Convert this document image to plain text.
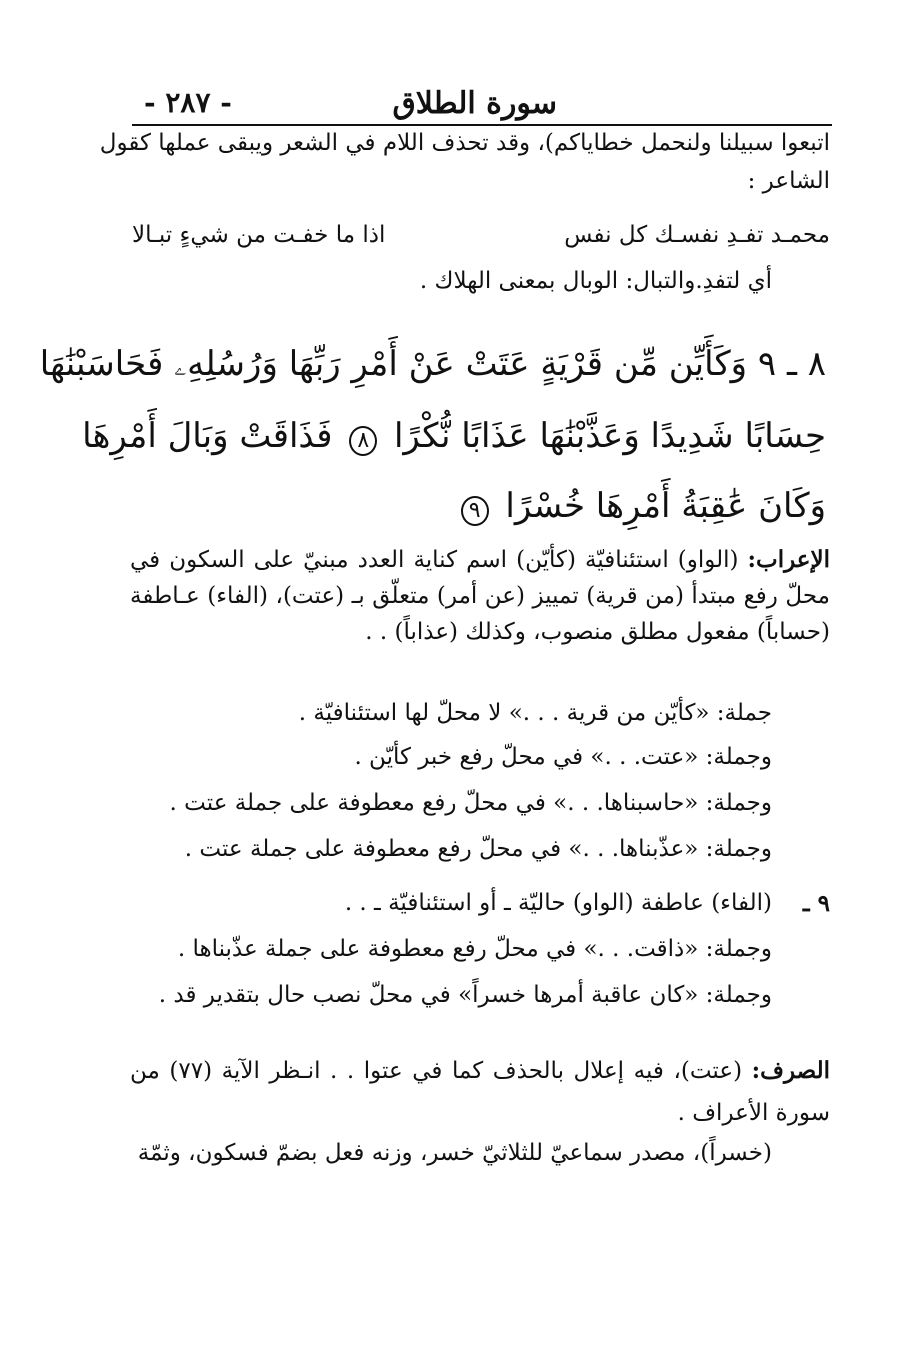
سورة الطلاق
- ٢٨٧ -
اتبعوا سبيلنا ولنحمل خطاياكم)، وقد تحذف اللام في الشعر ويبقى عملها كقول
الشاعر :
محمـد تفـدِ نفسـك كل نفس
اذا ما خفـت من شيءٍ تبـالا
أي لتفدِ.والتبال: الوبال بمعنى الهلاك .
٨ ـ ٩ وَكَأَيِّن مِّن قَرْيَةٍ عَتَتْ عَنْ أَمْرِ رَبِّهَا وَرُسُلِهِۦ فَحَاسَبْنَٰهَا
حِسَابًا شَدِيدًا وَعَذَّبْنَٰهَا عَذَابًا نُّكْرًا ٨ فَذَاقَتْ وَبَالَ أَمْرِهَا
وَكَانَ عَٰقِبَةُ أَمْرِهَا خُسْرًا ٩
الإعراب: (الواو) استئنافيّة (كأيّن) اسم كناية العدد مبنيّ على السكون في محلّ رفع مبتدأ (من قرية) تمييز (عن أمر) متعلّق بـ (عتت)، (الفاء) عـاطفة (حساباً) مفعول مطلق منصوب، وكذلك (عذاباً) . .
جملة: «كأيّن من قرية . . .» لا محلّ لها استئنافيّة .
وجملة: «عتت. . .» في محلّ رفع خبر كأيّن .
وجملة: «حاسبناها. . .» في محلّ رفع معطوفة على جملة عتت .
وجملة: «عذّبناها. . .» في محلّ رفع معطوفة على جملة عتت .
٩ ـ
(الفاء) عاطفة (الواو) حاليّة ـ أو استئنافيّة ـ . .
وجملة: «ذاقت. . .» في محلّ رفع معطوفة على جملة عذّبناها .
وجملة: «كان عاقبة أمرها خسراً» في محلّ نصب حال بتقدير قد .
الصرف: (عتت)، فيه إعلال بالحذف كما في عتوا . . انـظر الآية (٧٧) من سورة الأعراف .
(خسراً)، مصدر سماعيّ للثلاثيّ خسر، وزنه فعل بضمّ فسكون، وثمّة
